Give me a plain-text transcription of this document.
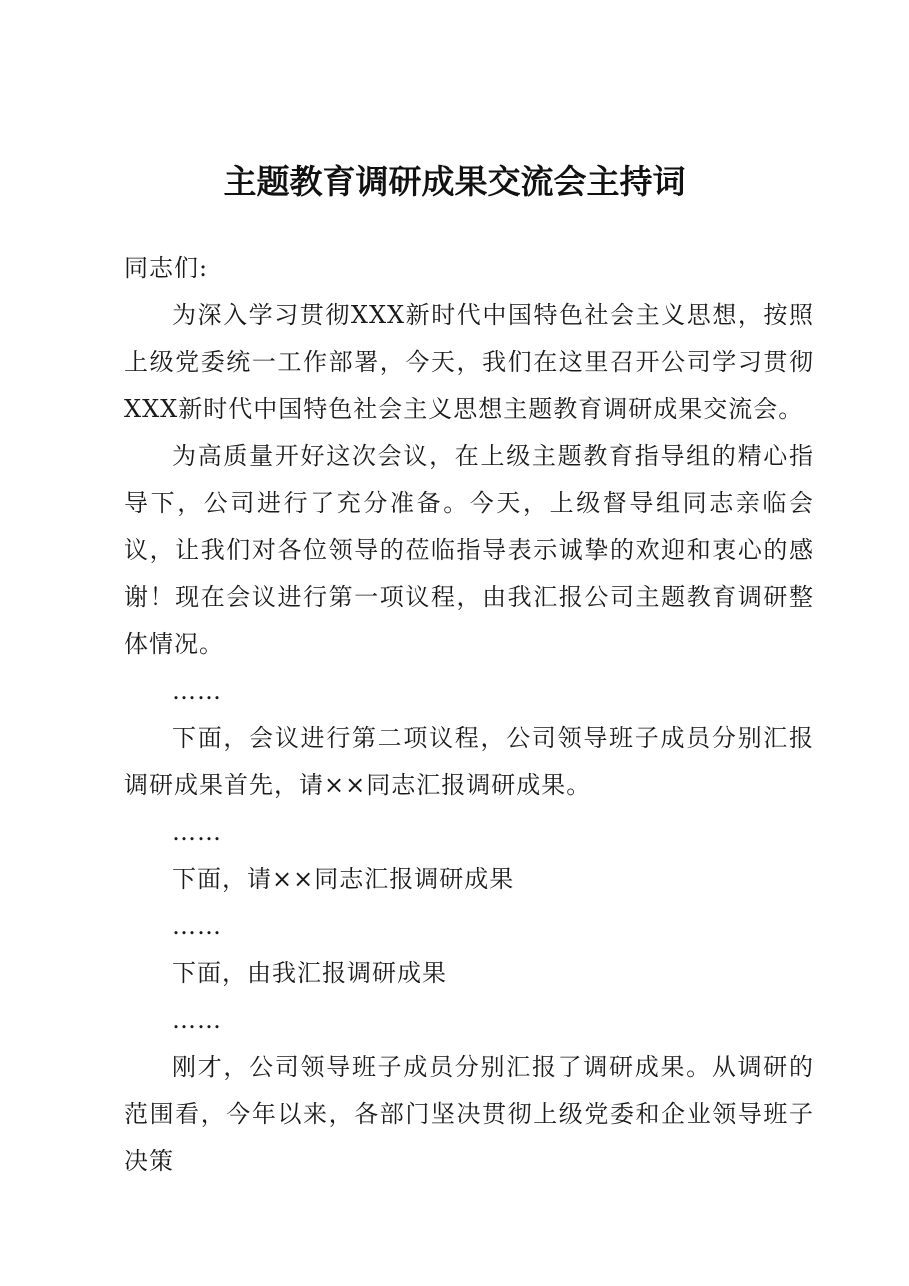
主题教育调研成果交流会主持词

同志们:

为深入学习贯彻XXX新时代中国特色社会主义思想，按照上级党委统一工作部署，今天，我们在这里召开公司学习贯彻XXX新时代中国特色社会主义思想主题教育调研成果交流会。

为高质量开好这次会议，在上级主题教育指导组的精心指导下，公司进行了充分准备。今天，上级督导组同志亲临会议，让我们对各位领导的莅临指导表示诚挚的欢迎和衷心的感谢！现在会议进行第一项议程，由我汇报公司主题教育调研整体情况。

……

下面，会议进行第二项议程，公司领导班子成员分别汇报调研成果首先，请××同志汇报调研成果。

……

下面，请××同志汇报调研成果

……

下面，由我汇报调研成果

……

刚才，公司领导班子成员分别汇报了调研成果。从调研的范围看，今年以来，各部门坚决贯彻上级党委和企业领导班子决策
